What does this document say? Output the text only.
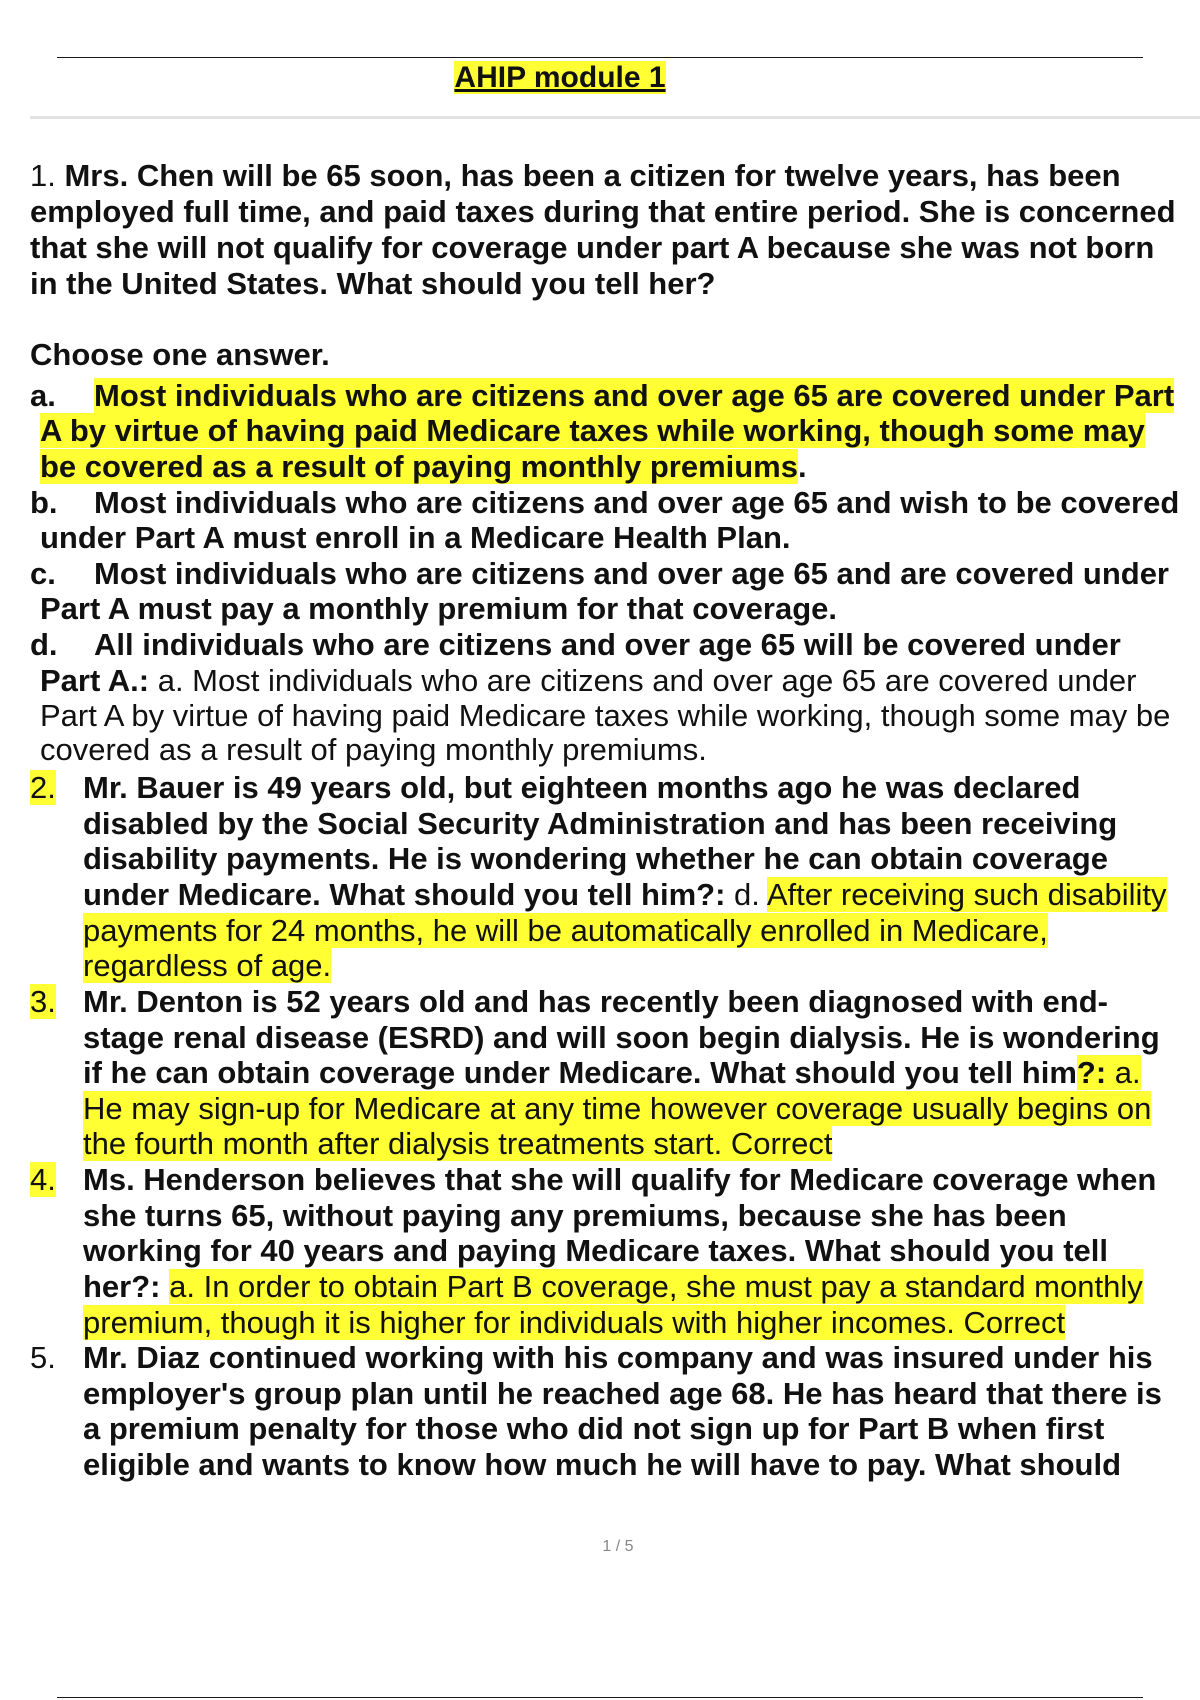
AHIP module 1
1. Mrs. Chen will be 65 soon, has been a citizen for twelve years, has been
employed full time, and paid taxes during that entire period. She is concerned
that she will not qualify for coverage under part A because she was not born
in the United States. What should you tell her?
Choose one answer.
a. Most individuals who are citizens and over age 65 are covered under Part
A by virtue of having paid Medicare taxes while working, though some may
be covered as a result of paying monthly premiums.
b. Most individuals who are citizens and over age 65 and wish to be covered
under Part A must enroll in a Medicare Health Plan.
c. Most individuals who are citizens and over age 65 and are covered under
Part A must pay a monthly premium for that coverage.
d. All individuals who are citizens and over age 65 will be covered under
Part A.: a. Most individuals who are citizens and over age 65 are covered under
Part A by virtue of having paid Medicare taxes while working, though some may be
covered as a result of paying monthly premiums.
2. Mr. Bauer is 49 years old, but eighteen months ago he was declared
disabled by the Social Security Administration and has been receiving
disability payments. He is wondering whether he can obtain coverage
under Medicare. What should you tell him?: d. After receiving such disability
payments for 24 months, he will be automatically enrolled in Medicare,
regardless of age.
3. Mr. Denton is 52 years old and has recently been diagnosed with end-
stage renal disease (ESRD) and will soon begin dialysis. He is wondering
if he can obtain coverage under Medicare. What should you tell him?: a.
He may sign-up for Medicare at any time however coverage usually begins on
the fourth month after dialysis treatments start. Correct
4. Ms. Henderson believes that she will qualify for Medicare coverage when
she turns 65, without paying any premiums, because she has been
working for 40 years and paying Medicare taxes. What should you tell
her?: a. In order to obtain Part B coverage, she must pay a standard monthly
premium, though it is higher for individuals with higher incomes. Correct
5. Mr. Diaz continued working with his company and was insured under his
employer's group plan until he reached age 68. He has heard that there is
a premium penalty for those who did not sign up for Part B when first
eligible and wants to know how much he will have to pay. What should
1 / 5
